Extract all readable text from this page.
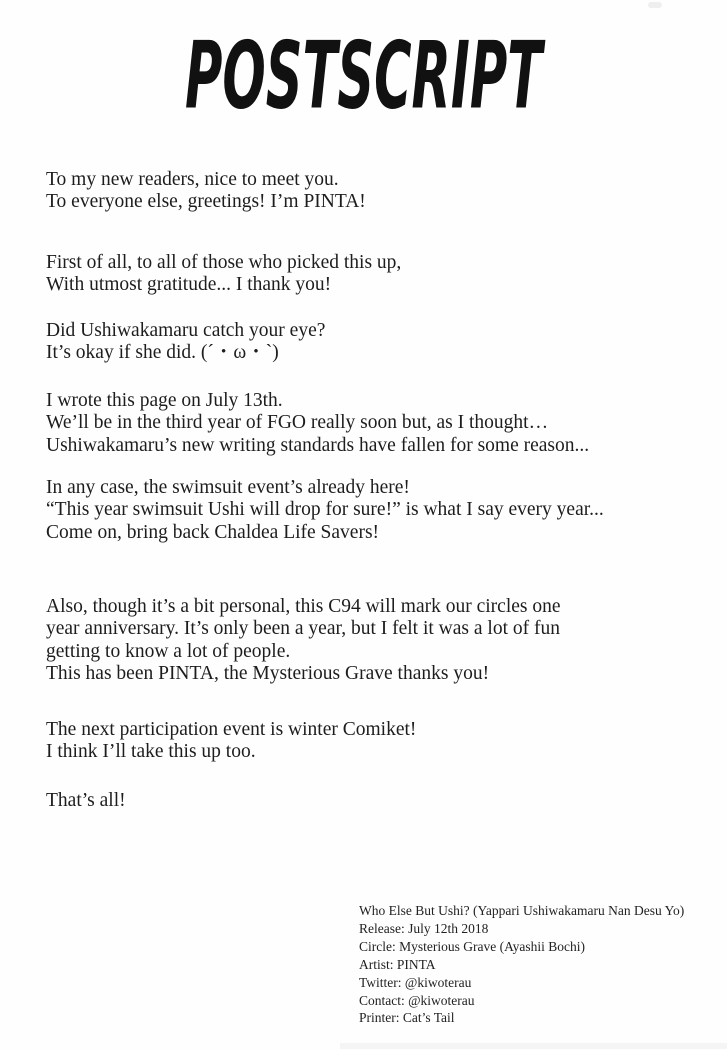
POSTSCRIPT
To my new readers, nice to meet you.
To everyone else, greetings! I’m PINTA!
First of all, to all of those who picked this up,
With utmost gratitude... I thank you!
Did Ushiwakamaru catch your eye?
It’s okay if she did. (´・ω・`)
I wrote this page on July 13th.
We’ll be in the third year of FGO really soon but, as I thought…
Ushiwakamaru’s new writing standards have fallen for some reason...
In any case, the swimsuit event’s already here!
“This year swimsuit Ushi will drop for sure!” is what I say every year...
Come on, bring back Chaldea Life Savers!
Also, though it’s a bit personal, this C94 will mark our circles one
year anniversary. It’s only been a year, but I felt it was a lot of fun
getting to know a lot of people.
This has been PINTA, the Mysterious Grave thanks you!
The next participation event is winter Comiket!
I think I’ll take this up too.
That’s all!
Who Else But Ushi? (Yappari Ushiwakamaru Nan Desu Yo)
Release: July 12th 2018
Circle: Mysterious Grave (Ayashii Bochi)
Artist: PINTA
Twitter: @kiwoterau
Contact: @kiwoterau
Printer: Cat’s Tail
